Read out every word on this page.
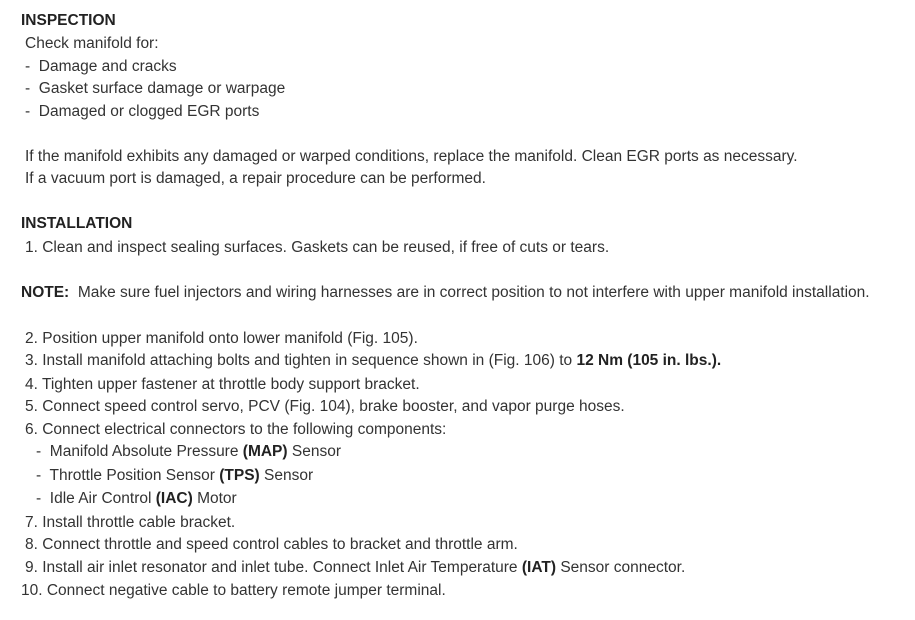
INSPECTION
Check manifold for:
-  Damage and cracks
-  Gasket surface damage or warpage
-  Damaged or clogged EGR ports
If the manifold exhibits any damaged or warped conditions, replace the manifold. Clean EGR ports as necessary.
If a vacuum port is damaged, a repair procedure can be performed.
INSTALLATION
1. Clean and inspect sealing surfaces. Gaskets can be reused, if free of cuts or tears.
NOTE: Make sure fuel injectors and wiring harnesses are in correct position to not interfere with upper manifold installation.
2. Position upper manifold onto lower manifold (Fig. 105).
3. Install manifold attaching bolts and tighten in sequence shown in (Fig. 106) to 12 Nm (105 in. lbs.).
4. Tighten upper fastener at throttle body support bracket.
5. Connect speed control servo, PCV (Fig. 104), brake booster, and vapor purge hoses.
6. Connect electrical connectors to the following components:
-  Manifold Absolute Pressure (MAP) Sensor
-  Throttle Position Sensor (TPS) Sensor
-  Idle Air Control (IAC) Motor
7. Install throttle cable bracket.
8. Connect throttle and speed control cables to bracket and throttle arm.
9. Install air inlet resonator and inlet tube. Connect Inlet Air Temperature (IAT) Sensor connector.
10. Connect negative cable to battery remote jumper terminal.
